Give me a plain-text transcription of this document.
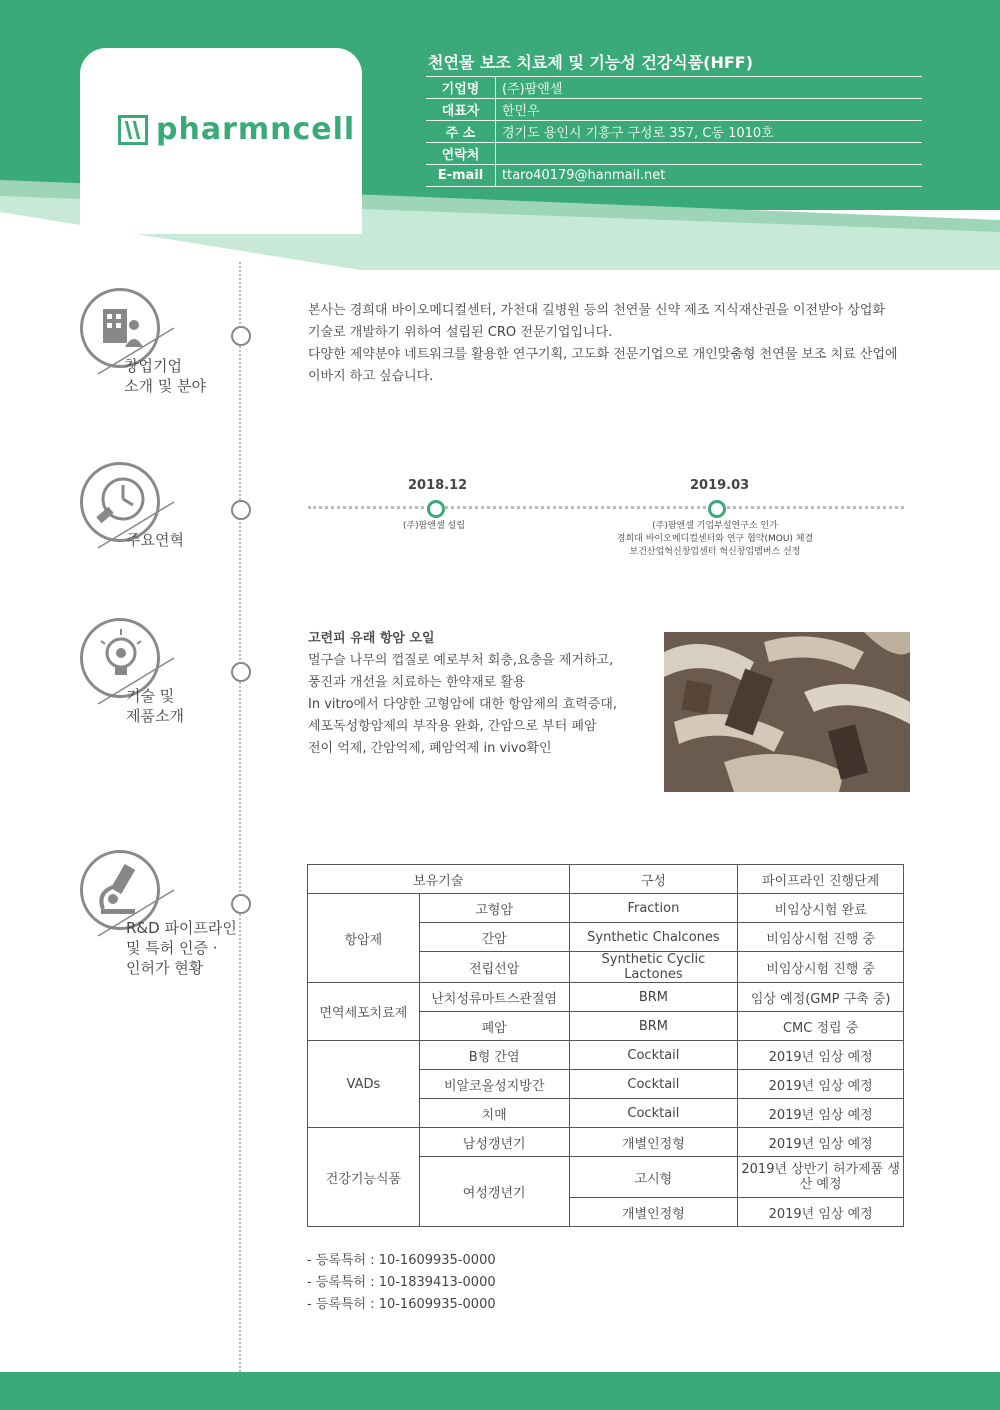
pharmncell
천연물 보조 치료제 및 기능성 건강식품(HFF)
기업명	(주)팜앤셀
대표자	한민우
주 소	경기도 용인시 기흥구 구성로 357, C동 1010호
연락처	
E-mail	ttaro40179@hanmail.net
창업기업
소개 및 분야
본사는 경희대 바이오메디컬센터, 가천대 길병원 등의 천연물 신약 제조 지식재산권을 이전받아 상업화
기술로 개발하기 위하여 설립된 CRO 전문기업입니다.
다양한 제약분야 네트워크를 활용한 연구기획, 고도화 전문기업으로 개인맞춤형 천연물 보조 치료 산업에
이바지 하고 싶습니다.
주요연혁
2018.12
(주)팜앤셀 설립
2019.03
(주)팜앤셀 기업부설연구소 인가
경희대 바이오메디컬센터와 연구 협약(MOU) 체결
보건산업혁신창업센터 혁신창업멤버스 선정
기술 및
제품소개
고련피 유래 항암 오일
멀구슬 나무의 껍질로 예로부처 회충,요충을 제거하고,
풍진과 개선을 치료하는 한약재로 활용
In vitro에서 다양한 고형암에 대한 항암제의 효력증대,
세포독성항암제의 부작용 완화, 간암으로 부터 폐암
전이 억제, 간암억제, 폐암억제 in vivo확인
R&D 파이프라인
및 특허 인증 ·
인허가 현황
보유기술		구성	파이프라인 진행단계
항암제	고형암	Fraction	비임상시험 완료
	간암	Synthetic Chalcones	비임상시험 진행 중
	전립선암	Synthetic Cyclic Lactones	비임상시험 진행 중
면역세포치료제	난치성류마트스관절염	BRM	임상 예정(GMP 구축 중)
	폐암	BRM	CMC 정립 중
VADs	B형 간염	Cocktail	2019년 임상 예정
	비알코올성지방간	Cocktail	2019년 임상 예정
	치매	Cocktail	2019년 임상 예정
건강기능식품	남성갱년기	개별인정형	2019년 임상 예정
	여성갱년기	고시형	2019년 상반기 허가제품 생산 예정
		개별인정형	2019년 임상 예정
- 등록특허 : 10-1609935-0000
- 등록특허 : 10-1839413-0000
- 등록특허 : 10-1609935-0000
